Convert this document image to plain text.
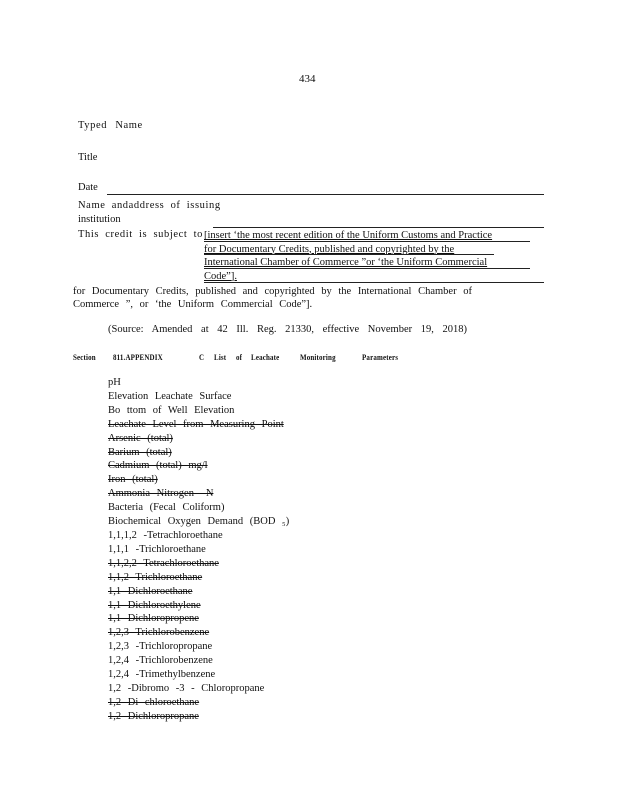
434
Typed Name
Title
Date
Name andaddress of issuing
institution
This credit is subject to [insert ‘the most recent edition of the Uniform Customs and Practice
for Documentary Credits, published and copyrighted by the
International Chamber of Commerce ”or ‘the Uniform Commercial
Code”].
for Documentary Credits, published and copyrighted by the International Chamber of
Commerce ”, or ‘the Uniform Commercial Code”].
(Source: Amended at 42 Ill. Reg. 21330, effective November 19, 2018)
Section 811.APPENDIX	C List of Leachate Monitoring	Parameters
pH
Elevation Leachate Surface
Bo ttom of Well Elevation
Leachate Level from Measuring Point
Arsenic (total)
Barium (total)
Cadmium (total) mg/l
Iron (total)
Ammonia Nitrogen –N
Bacteria (Fecal Coliform)
Biochemical Oxygen Demand (BOD ₅)
1,1,1,2 -Tetrachloroethane
1,1,1 -Trichloroethane
1,1,2,2 Tetrachloroethane
1,1,2 Trichloroethane
1,1 Dichloroethane
1,1 Dichloroethylene
1,1 Dichloropropene
1,2,3 Trichlorobenzene
1,2,3 -Trichloropropane
1,2,4 -Trichlorobenzene
1,2,4 -Trimethylbenzene
1,2 -Dibromo -3 - Chloropropane
1,2 Di chloroethane
1,2 Dichloropropane
